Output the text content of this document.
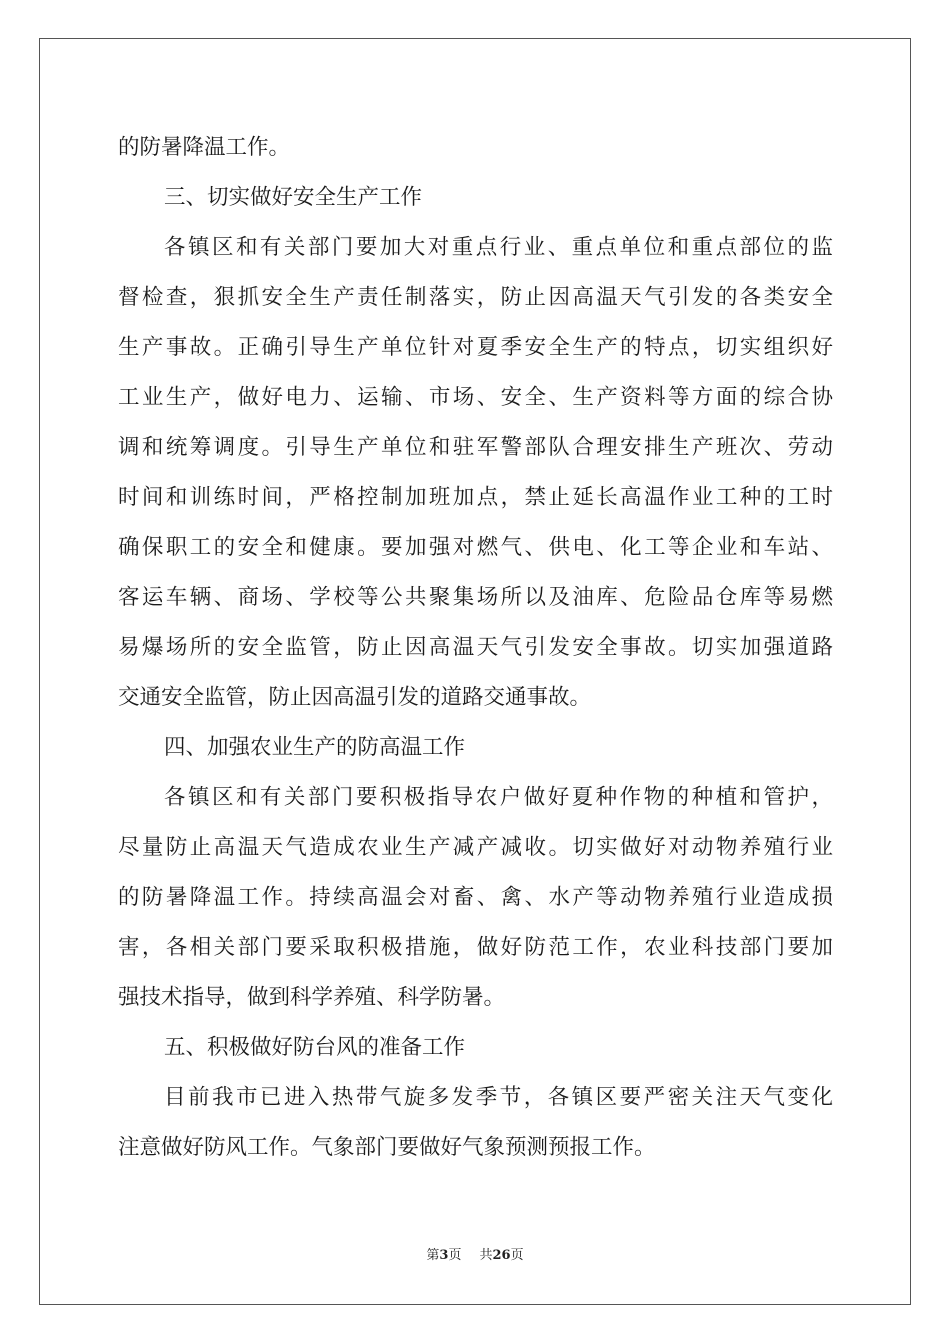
的防暑降温工作。

三、切实做好安全生产工作

各镇区和有关部门要加大对重点行业、重点单位和重点部位的监

督检查，狠抓安全生产责任制落实，防止因高温天气引发的各类安全

生产事故。正确引导生产单位针对夏季安全生产的特点，切实组织好

工业生产，做好电力、运输、市场、安全、生产资料等方面的综合协

调和统筹调度。引导生产单位和驻军警部队合理安排生产班次、劳动

时间和训练时间，严格控制加班加点，禁止延长高温作业工种的工时

确保职工的安全和健康。要加强对燃气、供电、化工等企业和车站、

客运车辆、商场、学校等公共聚集场所以及油库、危险品仓库等易燃

易爆场所的安全监管，防止因高温天气引发安全事故。切实加强道路

交通安全监管，防止因高温引发的道路交通事故。

四、加强农业生产的防高温工作

各镇区和有关部门要积极指导农户做好夏种作物的种植和管护，

尽量防止高温天气造成农业生产减产减收。切实做好对动物养殖行业

的防暑降温工作。持续高温会对畜、禽、水产等动物养殖行业造成损

害，各相关部门要采取积极措施，做好防范工作，农业科技部门要加

强技术指导，做到科学养殖、科学防暑。

五、积极做好防台风的准备工作

目前我市已进入热带气旋多发季节，各镇区要严密关注天气变化

注意做好防风工作。气象部门要做好气象预测预报工作。

第3页 共26页
